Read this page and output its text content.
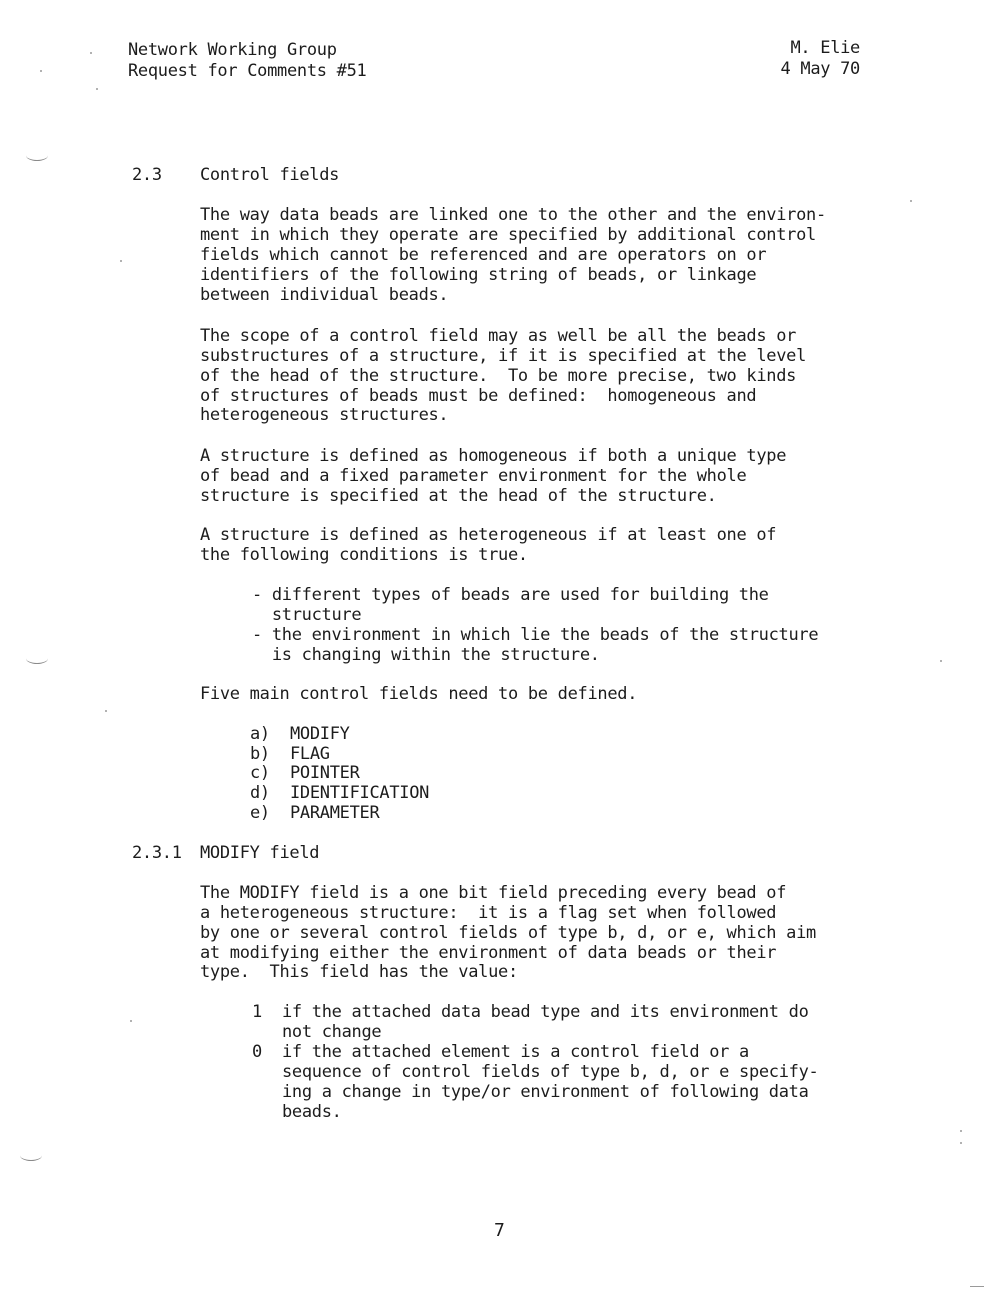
Network Working Group
Request for Comments #51
M. Elie
4 May 70
2.3 Control fields
The way data beads are linked one to the other and the environ-
ment in which they operate are specified by additional control
fields which cannot be referenced and are operators on or
identifiers of the following string of beads, or linkage
between individual beads.
The scope of a control field may as well be all the beads or
substructures of a structure, if it is specified at the level
of the head of the structure.  To be more precise, two kinds
of structures of beads must be defined:  homogeneous and
heterogeneous structures.
A structure is defined as homogeneous if both a unique type
of bead and a fixed parameter environment for the whole
structure is specified at the head of the structure.
A structure is defined as heterogeneous if at least one of
the following conditions is true.
- different types of beads are used for building the
structure
- the environment in which lie the beads of the structure
is changing within the structure.
Five main control fields need to be defined.
a) MODIFY
b) FLAG
c) POINTER
d) IDENTIFICATION
e) PARAMETER
2.3.1 MODIFY field
The MODIFY field is a one bit field preceding every bead of
a heterogeneous structure:  it is a flag set when followed
by one or several control fields of type b, d, or e, which aim
at modifying either the environment of data beads or their
type.  This field has the value:
1 if the attached data bead type and its environment do
not change
0 if the attached element is a control field or a
sequence of control fields of type b, d, or e specify-
ing a change in type/or environment of following data
beads.
7
